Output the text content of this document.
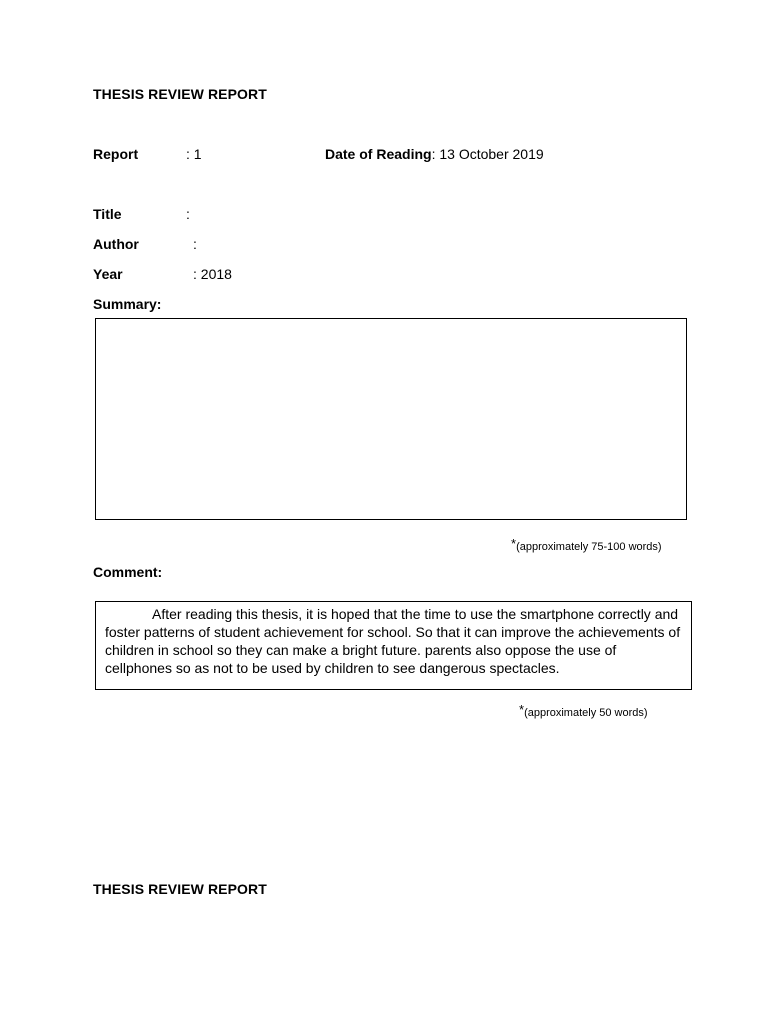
THESIS REVIEW REPORT
Report	: 1	Date of Reading: 13 October 2019
Title	:
Author	:
Year	: 2018
Summary:
*(approximately 75-100 words)
Comment:

After reading this thesis, it is hoped that the time to use the smartphone correctly and foster patterns of student achievement for school. So that it can improve the achievements of children in school so they can make a bright future. parents also oppose the use of cellphones so as not to be used by children to see dangerous spectacles.

*(approximately 50 words)
THESIS REVIEW REPORT
